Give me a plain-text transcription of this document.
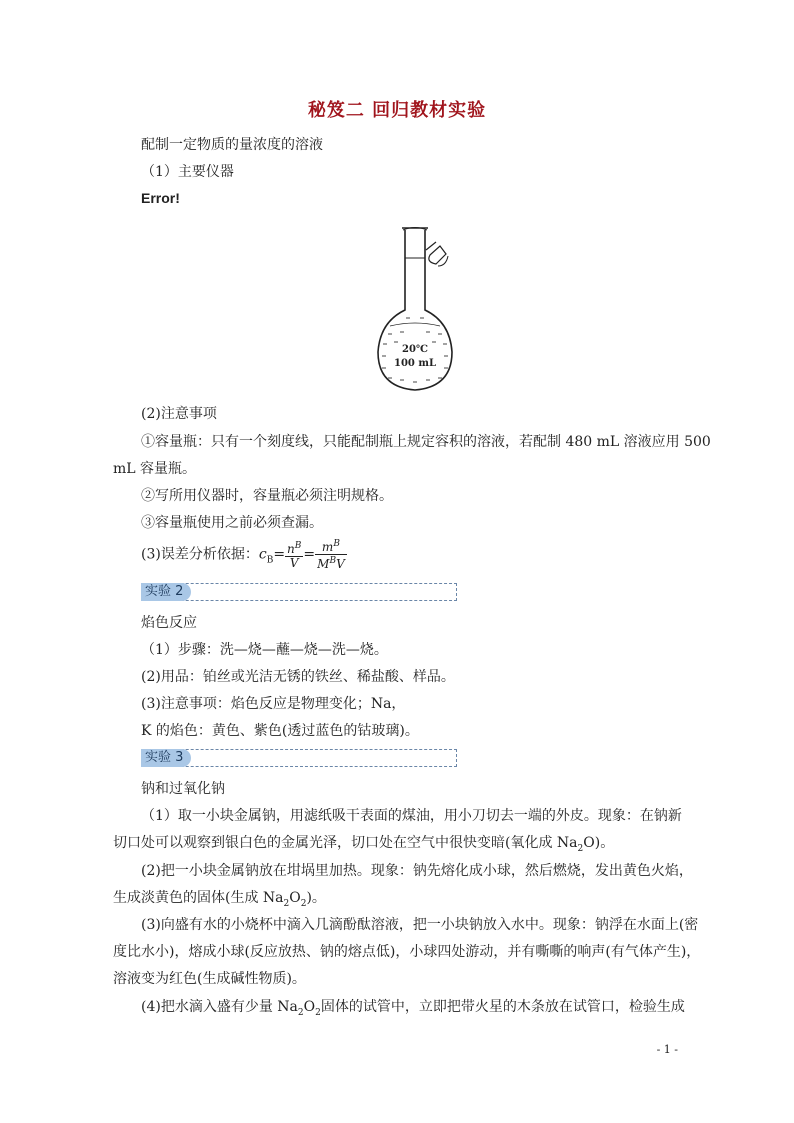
秘笈二 回归教材实验
配制一定物质的量浓度的溶液
（1）主要仪器
Error!
20℃
100 mL
(2)注意事项
①容量瓶：只有一个刻度线，只能配制瓶上规定容积的溶液，若配制 480 mL 溶液应用 500
mL 容量瓶。
②写所用仪器时，容量瓶必须注明规格。
③容量瓶使用之前必须查漏。
(3)误差分析依据：$c_B= \frac{n^B}{V} = \frac{m^B}{M^BV}$
实验 2
焰色反应
（1）步骤：洗—烧—蘸—烧—洗—烧。
(2)用品：铂丝或光洁无锈的铁丝、稀盐酸、样品。
(3)注意事项：焰色反应是物理变化；Na，
K 的焰色：黄色、紫色(透过蓝色的钴玻璃)。
实验 3
钠和过氧化钠
（1）取一小块金属钠，用滤纸吸干表面的煤油，用小刀切去一端的外皮。现象：在钠新
切口处可以观察到银白色的金属光泽，切口处在空气中很快变暗(氧化成 $Na_2O$)。
(2)把一小块金属钠放在坩埚里加热。现象：钠先熔化成小球，然后燃烧，发出黄色火焰，
生成淡黄色的固体(生成 $Na_2O_2$)。
(3)向盛有水的小烧杯中滴入几滴酚酞溶液，把一小块钠放入水中。现象：钠浮在水面上(密
度比水小)，熔成小球(反应放热、钠的熔点低)，小球四处游动，并有嘶嘶的响声(有气体产生)，
溶液变为红色(生成碱性物质)。
(4)把水滴入盛有少量 $Na_2O_2$固体的试管中，立即把带火星的木条放在试管口，检验生成
- 1 -
